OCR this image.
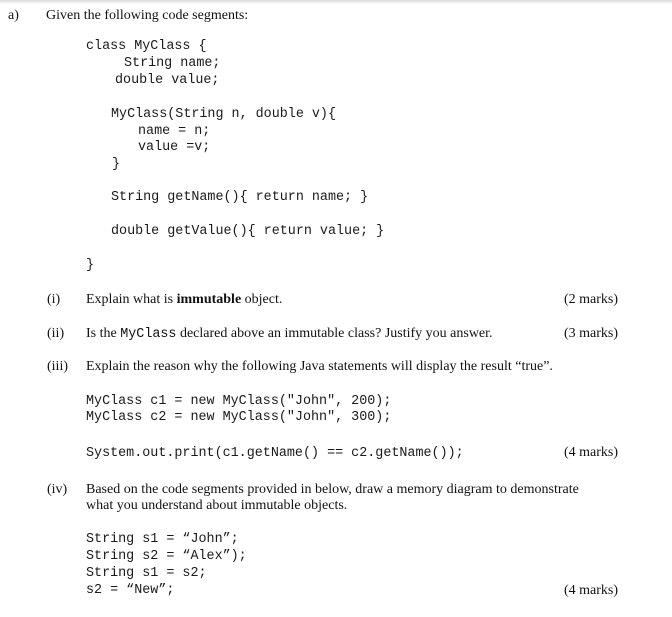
a) Given the following code segments:
class MyClass {
String name;
double value;
MyClass(String n, double v){
name = n;
value =v;
}
String getName(){ return name; }
double getValue(){ return value; }
}
(i) Explain what is immutable object.	(2 marks)
(ii) Is the MyClass declared above an immutable class? Justify you answer.	(3 marks)
(iii) Explain the reason why the following Java statements will display the result “true”.
MyClass c1 = new MyClass("John", 200);
MyClass c2 = new MyClass("John", 300);
System.out.print(c1.getName() == c2.getName());	(4 marks)
(iv) Based on the code segments provided in below, draw a memory diagram to demonstrate
what you understand about immutable objects.
String s1 = “John”;
String s2 = “Alex”);
String s1 = s2;
s2 = “New”;	(4 marks)
